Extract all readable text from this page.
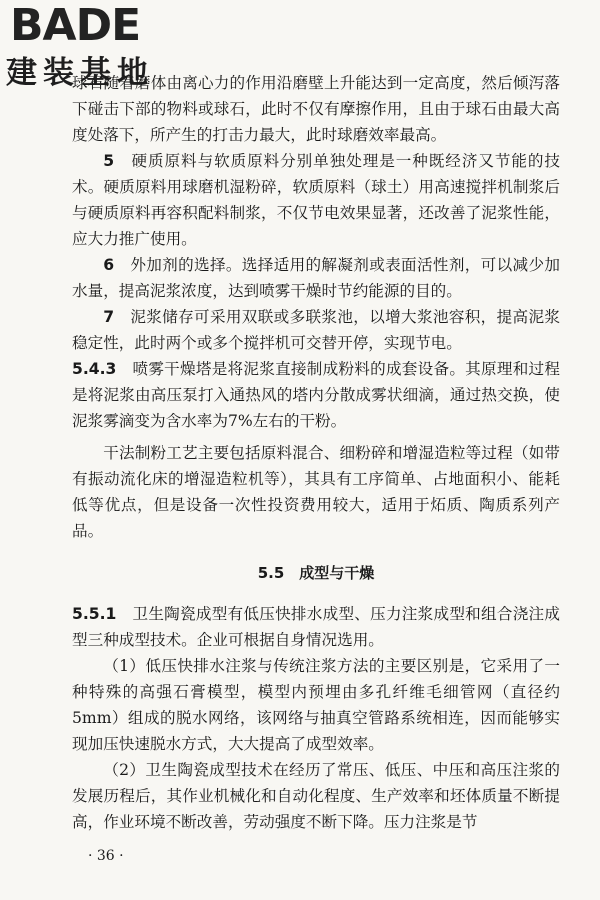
BADE
建装基地

球石随着磨体由离心力的作用沿磨壁上升能达到一定高度，然后倾泻落下碰击下部的物料或球石，此时不仅有摩擦作用，且由于球石由最大高度处落下，所产生的打击力最大，此时球磨效率最高。

5　 硬质原料与软质原料分别单独处理是一种既经济又节能的技术。硬质原料用球磨机湿粉碎，软质原料（球土）用高速搅拌机制浆后与硬质原料再容积配料制浆，不仅节电效果显著，还改善了泥浆性能，应大力推广使用。

6　 外加剂的选择。选择适用的解凝剂或表面活性剂，可以减少加水量，提高泥浆浓度，达到喷雾干燥时节约能源的目的。

7　 泥浆储存可采用双联或多联浆池，以增大浆池容积，提高泥浆稳定性，此时两个或多个搅拌机可交替开停，实现节电。

5.4.3　 喷雾干燥塔是将泥浆直接制成粉料的成套设备。其原理和过程是将泥浆由高压泵打入通热风的塔内分散成雾状细滴，通过热交换，使泥浆雾滴变为含水率为7%左右的干粉。

干法制粉工艺主要包括原料混合、细粉碎和增湿造粒等过程（如带有振动流化床的增湿造粒机等），其具有工序简单、占地面积小、能耗低等优点，但是设备一次性投资费用较大，适用于炻质、陶质系列产品。

5.5　成型与干燥

5.5.1　 卫生陶瓷成型有低压快排水成型、压力注浆成型和组合浇注成型三种成型技术。企业可根据自身情况选用。

（1）低压快排水注浆与传统注浆方法的主要区别是，它采用了一种特殊的高强石膏模型，模型内预埋由多孔纤维毛细管网（直径约5mm）组成的脱水网络，该网络与抽真空管路系统相连，因而能够实现加压快速脱水方式，大大提高了成型效率。

（2）卫生陶瓷成型技术在经历了常压、低压、中压和高压注浆的发展历程后，其作业机械化和自动化程度、生产效率和坯体质量不断提高，作业环境不断改善，劳动强度不断下降。压力注浆是节

· 36 ·
